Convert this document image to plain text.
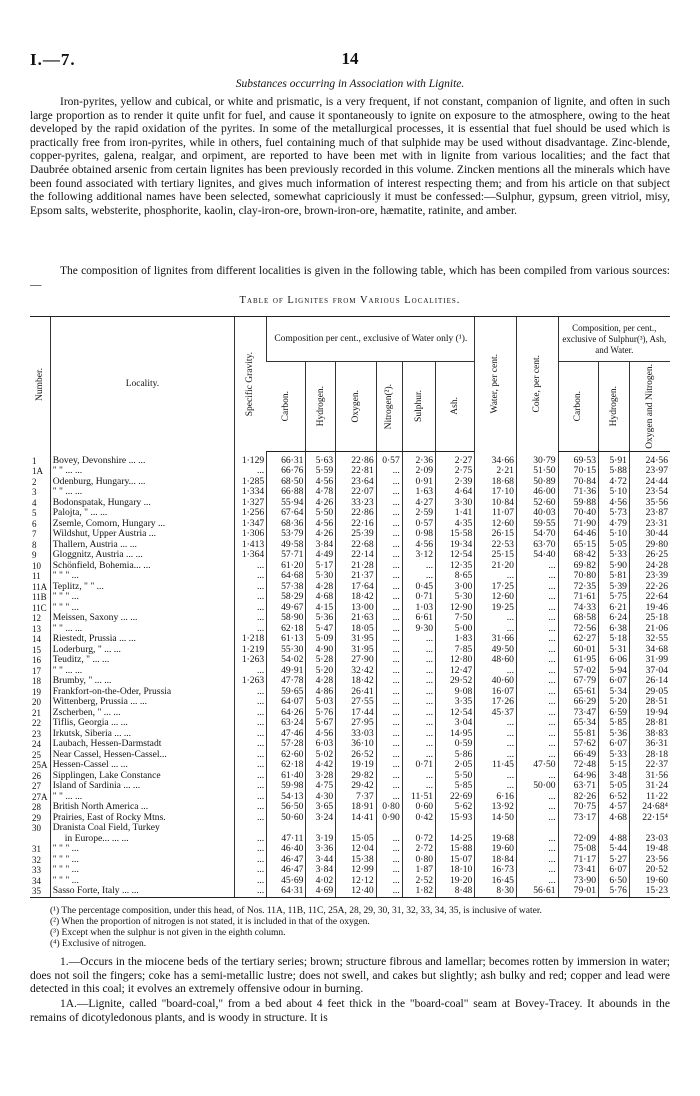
I.—7.	14
Substances occurring in Association with Lignite.

Iron-pyrites, yellow and cubical, or white and prismatic, is a very frequent, if not constant, companion of lignite, and often in such large proportion as to render it quite unfit for fuel, and cause it spontaneously to ignite on exposure to the atmosphere, owing to the heat developed by the rapid oxidation of the pyrites. In some of the metallurgical processes, it is essential that fuel should be used which is practically free from iron-pyrites, while in others, fuel containing much of that sulphide may be used without disadvantage. Zinc-blende, copper-pyrites, galena, realgar, and orpiment, are reported to have been met with in lignite from various localities; and the fact that Daubrée obtained arsenic from certain lignites has been previously recorded in this volume. Zincken mentions all the minerals which have been found associated with tertiary lignites, and gives much information of interest respecting them; and from his article on that subject the following additional names have been selected, somewhat capriciously it must be confessed:—Sulphur, gypsum, green vitriol, misy, Epsom salts, websterite, phosphorite, kaolin, clay-iron-ore, brown-iron-ore, hæmatite, ratinite, and amber.

The composition of lignites from different localities is given in the following table, which has been compiled from various sources:—

Table of Lignites from Various Localities.
Number.	Locality.	Specific Gravity.	Composition per cent., exclusive of Water only (¹).						Water, per cent.	Coke, per cent.	Composition, per cent., exclusive of Sulphur(³), Ash, and Water.		

			Carbon.	Hydrogen.	Oxygen.	Nitrogen(²).	Sulphur.	Ash.			Carbon.	Hydrogen.	Oxygen and Nitrogen.

1	Bovey, Devonshire ... ...	1·129	66·31	5·63	22·86	0·57	2·36	2·27	34·66	30·79	69·53	5·91	24·56
1A	" " ... ...	...	66·76	5·59	22·81	...	2·09	2·75	2·21	51·50	70·15	5·88	23·97
2	Odenburg, Hungary... ...	1·285	68·50	4·56	23·64	...	0·91	2·39	18·68	50·89	70·84	4·72	24·44
3	" " ... ...	1·334	66·88	4·78	22·07	...	1·63	4·64	17·10	46·00	71·36	5·10	23·54
4	Bodonspatak, Hungary ...	1·327	55·94	4·26	33·23	...	4·27	3·30	10·84	52·60	59·88	4·56	35·56
5	Palojta, " ... ...	1·256	67·64	5·50	22·86	...	2·59	1·41	11·07	40·03	70·40	5·73	23·87
6	Zsemle, Comorn, Hungary ...	1·347	68·36	4·56	22·16	...	0·57	4·35	12·60	59·55	71·90	4·79	23·31
7	Wildshut, Upper Austria ...	1·306	53·79	4·26	25·39	...	0·98	15·58	26·15	54·70	64·46	5·10	30·44
8	Thallern, Austria ... ...	1·413	49·58	3·84	22·68	...	4·56	19·34	22·53	63·70	65·15	5·05	29·80
9	Gloggnitz, Austria ... ...	1·364	57·71	4·49	22·14	...	3·12	12·54	25·15	54·40	68·42	5·33	26·25
10	Schönfield, Bohemia... ...	...	61·20	5·17	21·28	...	...	12·35	21·20	...	69·82	5·90	24·28
11	" " " ...	...	64·68	5·30	21·37	...	...	8·65	...	...	70·80	5·81	23·39
11A	Teplitz, " " ...	...	57·38	4·28	17·64	...	0·45	3·00	17·25	...	72·35	5·39	22·26
11B	" " " ...	...	58·29	4·68	18·42	...	0·71	5·30	12·60	...	71·61	5·75	22·64
11C	" " " ...	...	49·67	4·15	13·00	...	1·03	12·90	19·25	...	74·33	6·21	19·46
12	Meissen, Saxony ... ...	...	58·90	5·36	21·63	...	6·61	7·50	...	...	68·58	6·24	25·18
13	" " ... ...	...	62·18	5·47	18·05	...	9·30	5·00	...	...	72·56	6·38	21·06
14	Riestedt, Prussia ... ...	1·218	61·13	5·09	31·95	...	...	1·83	31·66	...	62·27	5·18	32·55
15	Loderburg, " ... ...	1·219	55·30	4·90	31·95	...	...	7·85	49·50	...	60·01	5·31	34·68
16	Teuditz, " ... ...	1·263	54·02	5·28	27·90	...	...	12·80	48·60	...	61·95	6·06	31·99
17	" " ... ...	...	49·91	5·20	32·42	...	...	12·47	...	...	57·02	5·94	37·04
18	Brumby, " ... ...	1·263	47·78	4·28	18·42	...	...	29·52	40·60	...	67·79	6·07	26·14
19	Frankfort-on-the-Oder, Prussia	...	59·65	4·86	26·41	...	...	9·08	16·07	...	65·61	5·34	29·05
20	Wittenberg, Prussia ... ...	...	64·07	5·03	27·55	...	...	3·35	17·26	...	66·29	5·20	28·51
21	Zscherben, " ... ...	...	64·26	5·76	17·44	...	...	12·54	45·37	...	73·47	6·59	19·94
22	Tiflis, Georgia ... ...	...	63·24	5·67	27·95	...	...	3·04	...	...	65·34	5·85	28·81
23	Irkutsk, Siberia ... ...	...	47·46	4·56	33·03	...	...	14·95	...	...	55·81	5·36	38·83
24	Laubach, Hessen-Darmstadt	...	57·28	6·03	36·10	...	...	0·59	...	...	57·62	6·07	36·31
25	Near Cassel, Hessen-Cassel...	...	62·60	5·02	26·52	...	...	5·86	...	...	66·49	5·33	28·18
25A	Hessen-Cassel ... ...	...	62·18	4·42	19·19	...	0·71	2·05	11·45	47·50	72·48	5·15	22·37
26	Sipplingen, Lake Constance	...	61·40	3·28	29·82	...	...	5·50	...	...	64·96	3·48	31·56
27	Island of Sardinia ... ...	...	59·98	4·75	29·42	...	...	5·85	...	50·00	63·71	5·05	31·24
27A	" " ... ...	...	54·13	4·30	7·37	...	11·51	22·69	6·16	...	82·26	6·52	11·22
28	British North America ...	...	56·50	3·65	18·91	0·80	0·60	5·62	13·92	...	70·75	4·57	24·68⁴
29	Prairies, East of Rocky Mtns.	...	50·60	3·24	14·41	0·90	0·42	15·93	14·50	...	73·17	4·68	22·15⁴
30	Dranista Coal Field, Turkey												
	in Europe... ... ...	...	47·11	3·19	15·05	...	0·72	14·25	19·68	...	72·09	4·88	23·03
31	" " " ...	...	46·40	3·36	12·04	...	2·72	15·88	19·60	...	75·08	5·44	19·48
32	" " " ...	...	46·47	3·44	15·38	...	0·80	15·07	18·84	...	71·17	5·27	23·56
33	" " " ...	...	46·47	3·84	12·99	...	1·87	18·10	16·73	...	73·41	6·07	20·52
34	" " " ...	...	45·69	4·02	12·12	...	2·52	19·20	16·45	...	73·90	6·50	19·60
35	Sasso Forte, Italy ... ...	...	64·31	4·69	12·40	...	1·82	8·48	8·30	56·61	79·01	5·76	15·23

(¹) The percentage composition, under this head, of Nos. 11A, 11B, 11C, 25A, 28, 29, 30, 31, 32, 33, 34, 35, is inclusive of water.

(²) When the proportion of nitrogen is not stated, it is included in that of the oxygen.

(³) Except when the sulphur is not given in the eighth column.

(⁴) Exclusive of nitrogen.

1.—Occurs in the miocene beds of the tertiary series; brown; structure fibrous and lamellar; becomes rotten by immersion in water; does not soil the fingers; coke has a semi-metallic lustre; does not swell, and cakes but slightly; ash bulky and red; copper and lead were detected in this coal; it evolves an extremely offensive odour in burning.

1A.—Lignite, called "board-coal," from a bed about 4 feet thick in the "board-coal" seam at Bovey-Tracey. It abounds in the remains of dicotyledonous plants, and is woody in structure. It is
